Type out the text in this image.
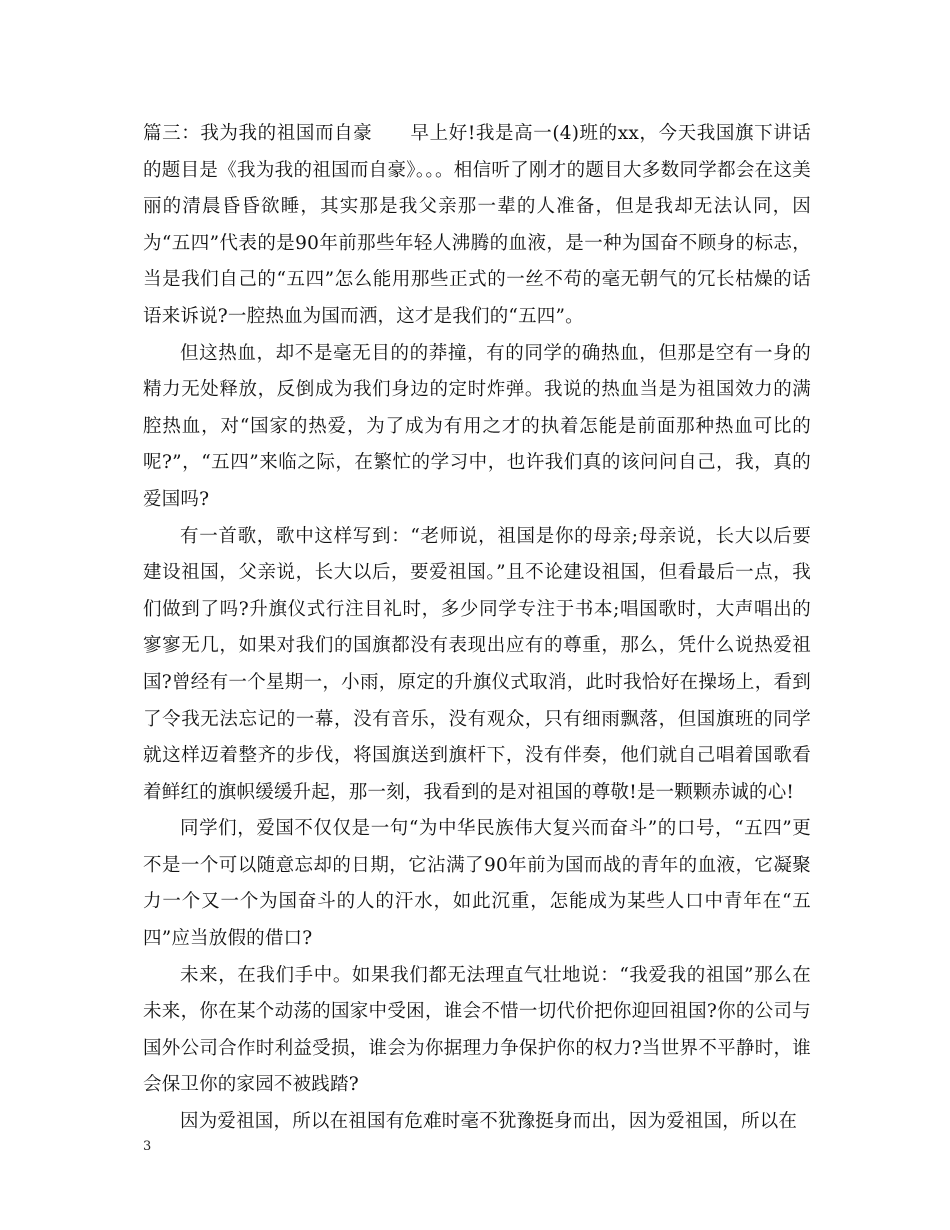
篇三：我为我的祖国而自豪　　早上好!我是高一(4)班的xx，今天我国旗下讲话的题目是《我为我的祖国而自豪》。。。相信听了刚才的题目大多数同学都会在这美丽的清晨昏昏欲睡，其实那是我父亲那一辈的人准备，但是我却无法认同，因为“五四”代表的是90年前那些年轻人沸腾的血液，是一种为国奋不顾身的标志，当是我们自己的“五四”怎么能用那些正式的一丝不苟的毫无朝气的冗长枯燥的话语来诉说?一腔热血为国而洒，这才是我们的“五四”。

但这热血，却不是毫无目的的莽撞，有的同学的确热血，但那是空有一身的精力无处释放，反倒成为我们身边的定时炸弹。我说的热血当是为祖国效力的满腔热血，对“国家的热爱，为了成为有用之才的执着怎能是前面那种热血可比的呢?”，“五四”来临之际，在繁忙的学习中，也许我们真的该问问自己，我，真的爱国吗?

有一首歌，歌中这样写到：“老师说，祖国是你的母亲;母亲说，长大以后要建设祖国，父亲说，长大以后，要爱祖国。”且不论建设祖国，但看最后一点，我们做到了吗?升旗仪式行注目礼时，多少同学专注于书本;唱国歌时，大声唱出的寥寥无几，如果对我们的国旗都没有表现出应有的尊重，那么，凭什么说热爱祖国?曾经有一个星期一，小雨，原定的升旗仪式取消，此时我恰好在操场上，看到了令我无法忘记的一幕，没有音乐，没有观众，只有细雨飘落，但国旗班的同学就这样迈着整齐的步伐，将国旗送到旗杆下，没有伴奏，他们就自己唱着国歌看着鲜红的旗帜缓缓升起，那一刻，我看到的是对祖国的尊敬!是一颗颗赤诚的心!

同学们，爱国不仅仅是一句“为中华民族伟大复兴而奋斗”的口号，“五四”更不是一个可以随意忘却的日期，它沾满了90年前为国而战的青年的血液，它凝聚力一个又一个为国奋斗的人的汗水，如此沉重，怎能成为某些人口中青年在“五四”应当放假的借口?

未来，在我们手中。如果我们都无法理直气壮地说：“我爱我的祖国”那么在未来，你在某个动荡的国家中受困，谁会不惜一切代价把你迎回祖国?你的公司与国外公司合作时利益受损，谁会为你据理力争保护你的权力?当世界不平静时，谁会保卫你的家园不被践踏?

因为爱祖国，所以在祖国有危难时毫不犹豫挺身而出，因为爱祖国，所以在

3
